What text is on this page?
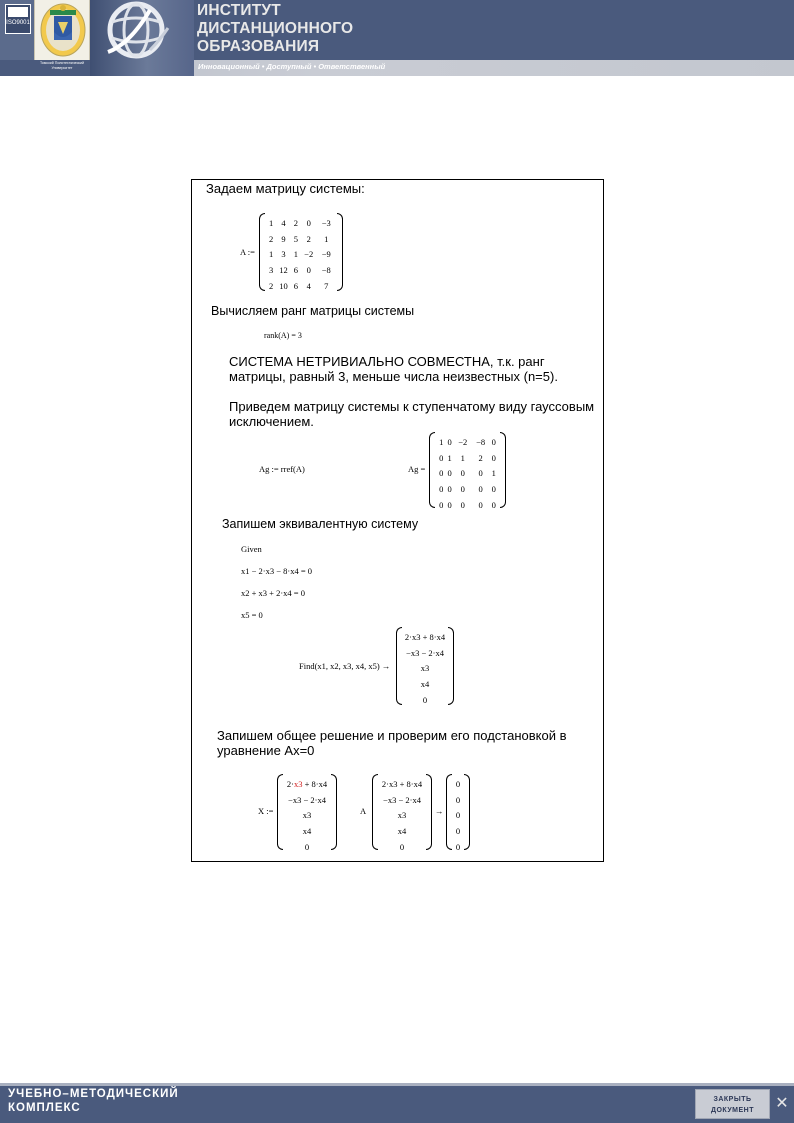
ISO9001
Томский Политехнический Университет
ИНСТИТУТ
ДИСТАНЦИОННОГО
ОБРАЗОВАНИЯ
Инновационный • Доступный • Ответственный
Задаем матрицу системы:
A :=
1	4	2	0	−3
2	9	5	2	1
1	3	1	−2	−9
3	12	6	0	−8
2	10	6	4	7
Вычисляем ранг матрицы системы
rank(A) = 3
СИСТЕМА НЕТРИВИАЛЬНО СОВМЕСТНА, т.к. ранг матрицы, равный 3, меньше числа неизвестных (n=5).
Приведем матрицу системы к ступенчатому виду гауссовым исключением.
Ag := rref(A)	Ag =
1	0	−2	−8	0
0	1	1	2	0
0	0	0	0	1
0	0	0	0	0
0	0	0	0	0
Запишем эквивалентную систему
Given
x1 − 2·x3 − 8·x4 = 0
x2 + x3 + 2·x4 = 0
x5 = 0
Find(x1, x2, x3, x4, x5) →
2·x3 + 8·x4
−x3 − 2·x4
x3
x4
0
Запишем общее решение и проверим его подстановкой в уравнение Ax=0
X :=
2·x3 + 8·x4
−x3 − 2·x4
x3
x4
0
A
2·x3 + 8·x4
−x3 − 2·x4
x3
x4
0
→
0
0
0
0
0
УЧЕБНО–МЕТОДИЧЕСКИЙ
КОМПЛЕКС
ЗАКРЫТЬ
ДОКУМЕНТ	✕
